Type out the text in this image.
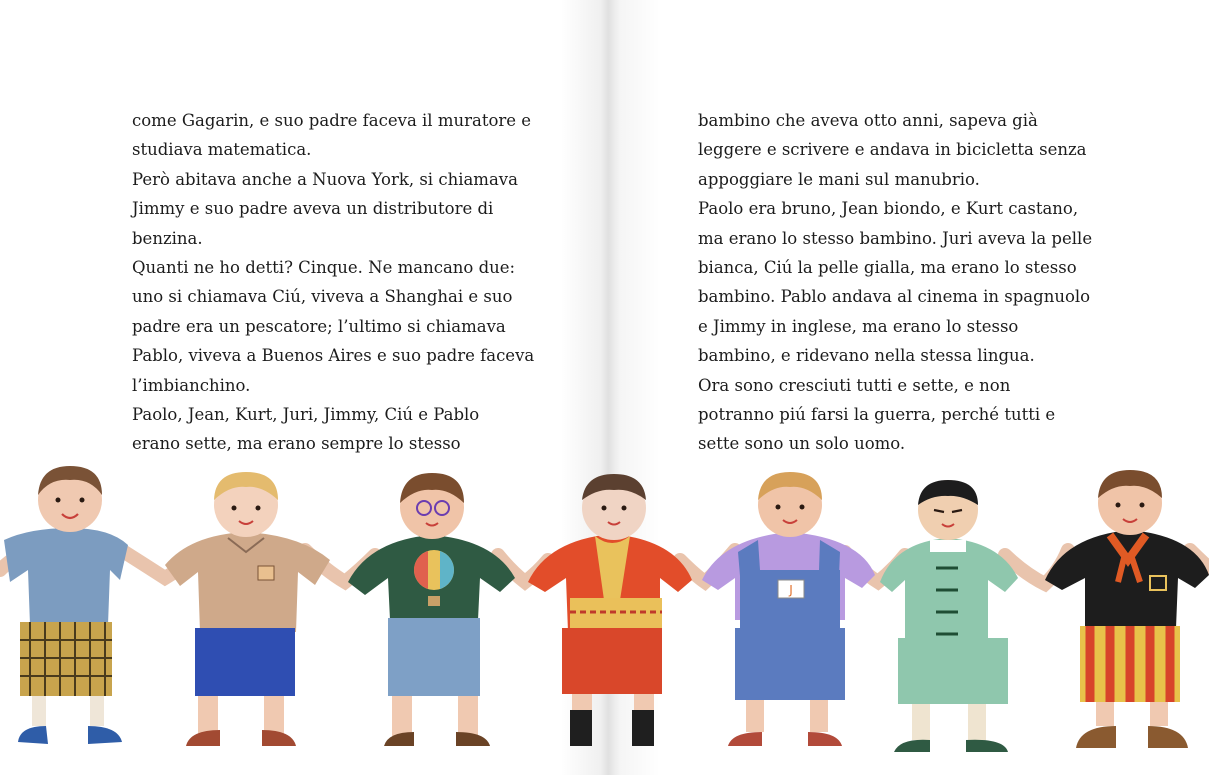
come Gagarin, e suo padre faceva il muratore e
studiava matematica.
Però abitava anche a Nuova York, si chiamava
Jimmy e suo padre aveva un distributore di
benzina.
Quanti ne ho detti? Cinque. Ne mancano due:
uno si chiamava Ciú, viveva a Shanghai e suo
padre era un pescatore; l’ultimo si chiamava
Pablo, viveva a Buenos Aires e suo padre faceva
l’imbianchino.
Paolo, Jean, Kurt, Juri, Jimmy, Ciú e Pablo
erano sette, ma erano sempre lo stesso
bambino che aveva otto anni, sapeva già
leggere e scrivere e andava in bicicletta senza
appoggiare le mani sul manubrio.
Paolo era bruno, Jean biondo, e Kurt castano,
ma erano lo stesso bambino. Juri aveva la pelle
bianca, Ciú la pelle gialla, ma erano lo stesso
bambino. Pablo andava al cinema in spagnuolo
e Jimmy in inglese, ma erano lo stesso
bambino, e ridevano nella stessa lingua.
Ora sono cresciuti tutti e sette, e non
potranno piú farsi la guerra, perché tutti e
sette sono un solo uomo.
J
